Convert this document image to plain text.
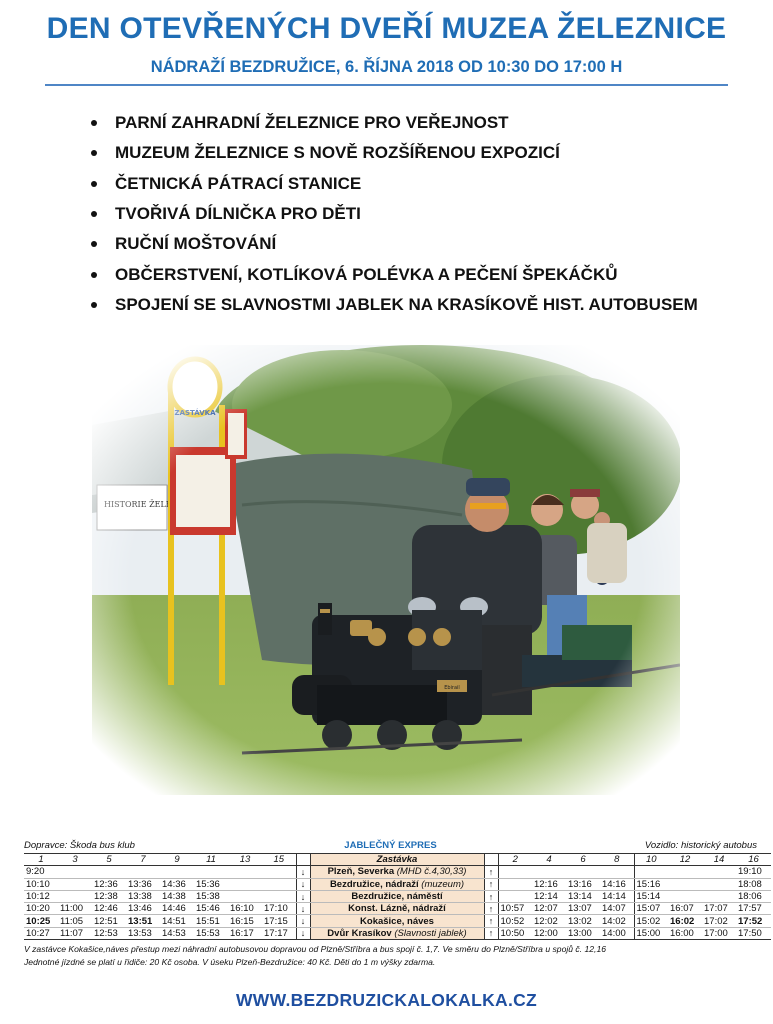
DEN OTEVŘENÝCH DVEŘÍ MUZEA ŽELEZNICE
NÁDRAŽÍ BEZDRUŽICE, 6. ŘÍJNA 2018 OD 10:30 DO 17:00 H
PARNÍ ZAHRADNÍ ŽELEZNICE PRO VEŘEJNOST
MUZEUM ŽELEZNICE S NOVĚ ROZŠÍŘENOU EXPOZICÍ
ČETNICKÁ PÁTRACÍ STANICE
TVOŘIVÁ DÍLNIČKA PRO DĚTI
RUČNÍ MOŠTOVÁNÍ
OBČERSTVENÍ, KOTLÍKOVÁ POLÉVKA A PEČENÍ ŠPEKÁČKŮ
SPOJENÍ SE SLAVNOSTMI JABLEK NA KRASÍKOVĚ HIST. AUTOBUSEM
Dopravce: Škoda bus klub	JABLEČNÝ EXPRES	Vozidlo: historický autobus
1	3	5	7	9	11	13	15		Zastávka		2	4	6	8	10	12	14	16
9:20								↓	Plzeň, Severka (MHD č.4,30,33)	↑								19:10
10:10		12:36	13:36	14:36	15:36			↓	Bezdružice, nádraží (muzeum)	↑		12:16	13:16	14:16	15:16			18:08
10:12		12:38	13:38	14:38	15:38			↓	Bezdružice, náměstí	↑		12:14	13:14	14:14	15:14			18:06
10:20	11:00	12:46	13:46	14:46	15:46	16:10	17:10	↓	Konst. Lázně, nádraží	↑	10:57	12:07	13:07	14:07	15:07	16:07	17:07	17:57
10:25	11:05	12:51	13:51	14:51	15:51	16:15	17:15	↓	Kokašice, náves	↑	10:52	12:02	13:02	14:02	15:02	16:02	17:02	17:52
10:27	11:07	12:53	13:53	14:53	15:53	16:17	17:17	↓	Dvůr Krasíkov (Slavnosti jablek)	↑	10:50	12:00	13:00	14:00	15:00	16:00	17:00	17:50
V zastávce Kokašice,náves přestup mezi náhradní autobusovou dopravou od Plzně/Stříbra a bus spojí č. 1,7. Ve směru do Plzně/Stříbra u spojů č. 12,16
Jednotné jízdné se platí u řidiče: 20 Kč osoba. V úseku Plzeň-Bezdružice: 40 Kč. Děti do 1 m výšky zdarma.
WWW.BEZDRUZICKALOKALKA.CZ
